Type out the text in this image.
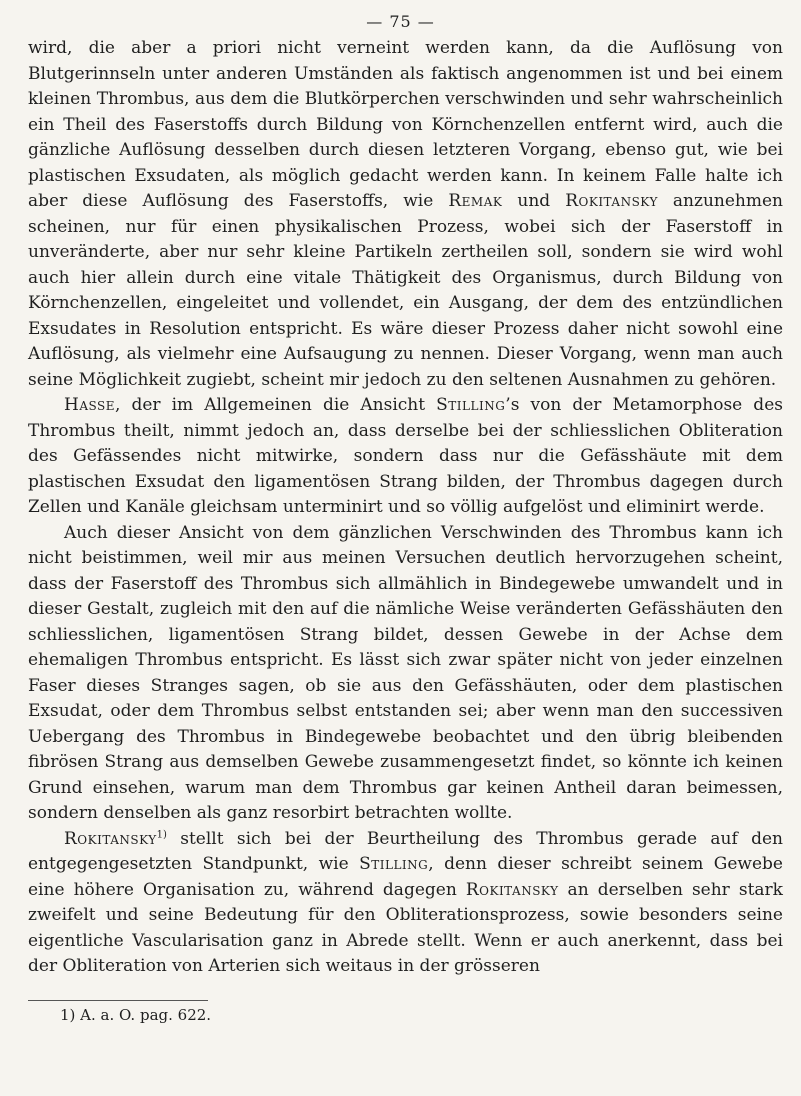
— 75 —

wird, die aber a priori nicht verneint werden kann, da die Auflösung von Blutgerinnseln unter anderen Umständen als faktisch angenommen ist und bei einem kleinen Thrombus, aus dem die Blutkörperchen verschwinden und sehr wahrscheinlich ein Theil des Faserstoffs durch Bildung von Körnchenzellen entfernt wird, auch die gänzliche Auflösung desselben durch diesen letzteren Vorgang, ebenso gut, wie bei plastischen Exsudaten, als möglich gedacht werden kann. In keinem Falle halte ich aber diese Auflösung des Faserstoffs, wie Remak und Rokitansky anzunehmen scheinen, nur für einen physikalischen Prozess, wobei sich der Faserstoff in unveränderte, aber nur sehr kleine Partikeln zertheilen soll, sondern sie wird wohl auch hier allein durch eine vitale Thätigkeit des Organismus, durch Bildung von Körnchenzellen, eingeleitet und vollendet, ein Ausgang, der dem des entzündlichen Exsudates in Resolution entspricht. Es wäre dieser Prozess daher nicht sowohl eine Auflösung, als vielmehr eine Aufsaugung zu nennen. Dieser Vorgang, wenn man auch seine Möglichkeit zugiebt, scheint mir jedoch zu den seltenen Ausnahmen zu gehören.

Hasse, der im Allgemeinen die Ansicht Stilling’s von der Metamorphose des Thrombus theilt, nimmt jedoch an, dass derselbe bei der schliesslichen Obliteration des Gefässendes nicht mitwirke, sondern dass nur die Gefässhäute mit dem plastischen Exsudat den ligamentösen Strang bilden, der Thrombus dagegen durch Zellen und Kanäle gleichsam unterminirt und so völlig aufgelöst und eliminirt werde.

Auch dieser Ansicht von dem gänzlichen Verschwinden des Thrombus kann ich nicht beistimmen, weil mir aus meinen Versuchen deutlich hervorzugehen scheint, dass der Faserstoff des Thrombus sich allmählich in Bindegewebe umwandelt und in dieser Gestalt, zugleich mit den auf die nämliche Weise veränderten Gefässhäuten den schliesslichen, ligamentösen Strang bildet, dessen Gewebe in der Achse dem ehemaligen Thrombus entspricht. Es lässt sich zwar später nicht von jeder einzelnen Faser dieses Stranges sagen, ob sie aus den Gefässhäuten, oder dem plastischen Exsudat, oder dem Thrombus selbst entstanden sei; aber wenn man den successiven Uebergang des Thrombus in Bindegewebe beobachtet und den übrig bleibenden fibrösen Strang aus demselben Gewebe zusammengesetzt findet, so könnte ich keinen Grund einsehen, warum man dem Thrombus gar keinen Antheil daran beimessen, sondern denselben als ganz resorbirt betrachten wollte.

Rokitansky$^{1)}$ stellt sich bei der Beurtheilung des Thrombus gerade auf den entgegengesetzten Standpunkt, wie Stilling, denn dieser schreibt seinem Gewebe eine höhere Organisation zu, während dagegen Rokitansky an derselben sehr stark zweifelt und seine Bedeutung für den Obliterationsprozess, sowie besonders seine eigentliche Vascularisation ganz in Abrede stellt. Wenn er auch anerkennt, dass bei der Obliteration von Arterien sich weitaus in der grösseren

1) A. a. O. pag. 622.
